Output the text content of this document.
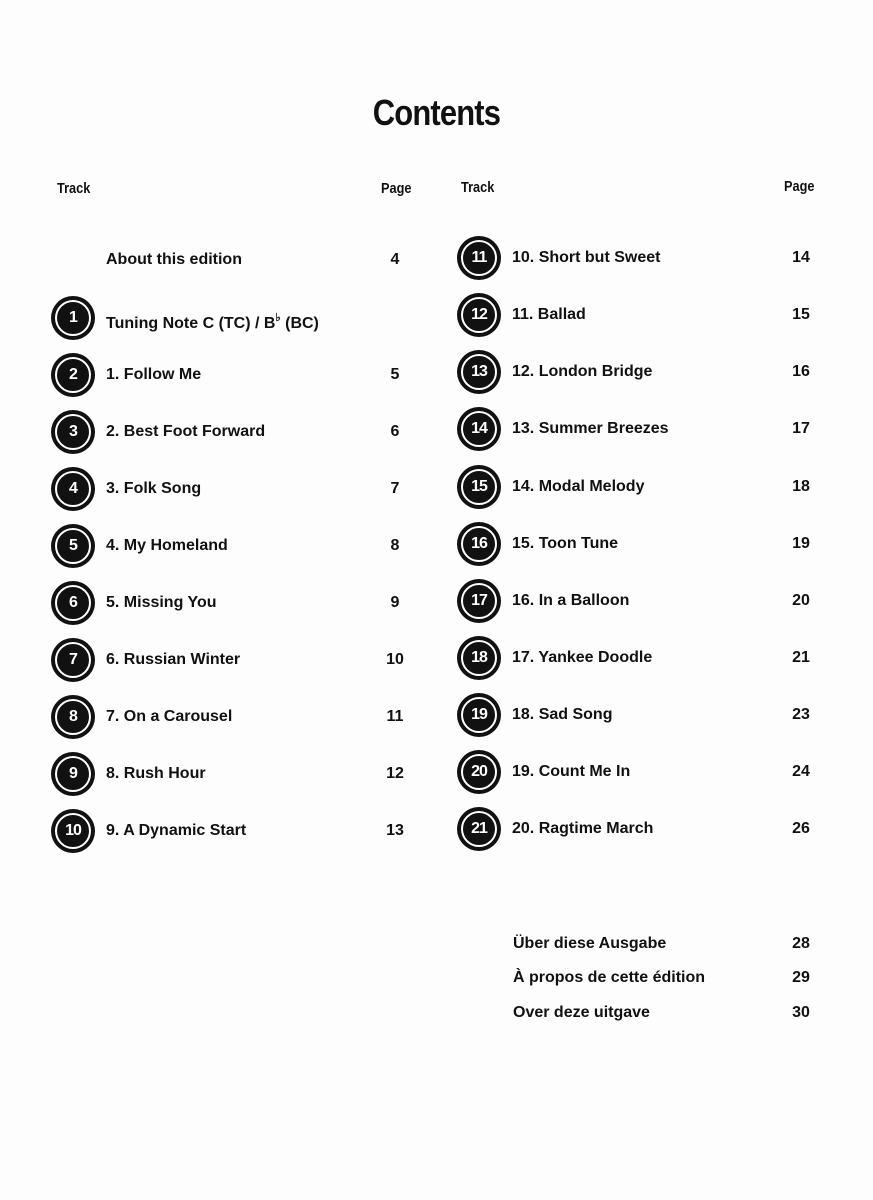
Contents
Track	Page	Track	Page
About this edition	4
1	Tuning Note C (TC) / B♭ (BC)
2	1. Follow Me	5
3	2. Best Foot Forward	6
4	3. Folk Song	7
5	4. My Homeland	8
6	5. Missing You	9
7	6. Russian Winter	10
8	7. On a Carousel	11
9	8. Rush Hour	12
10	9. A Dynamic Start	13
11	10. Short but Sweet	14
12	11. Ballad	15
13	12. London Bridge	16
14	13. Summer Breezes	17
15	14. Modal Melody	18
16	15. Toon Tune	19
17	16. In a Balloon	20
18	17. Yankee Doodle	21
19	18. Sad Song	23
20	19. Count Me In	24
21	20. Ragtime March	26
Über diese Ausgabe	28
À propos de cette édition	29
Over deze uitgave	30
